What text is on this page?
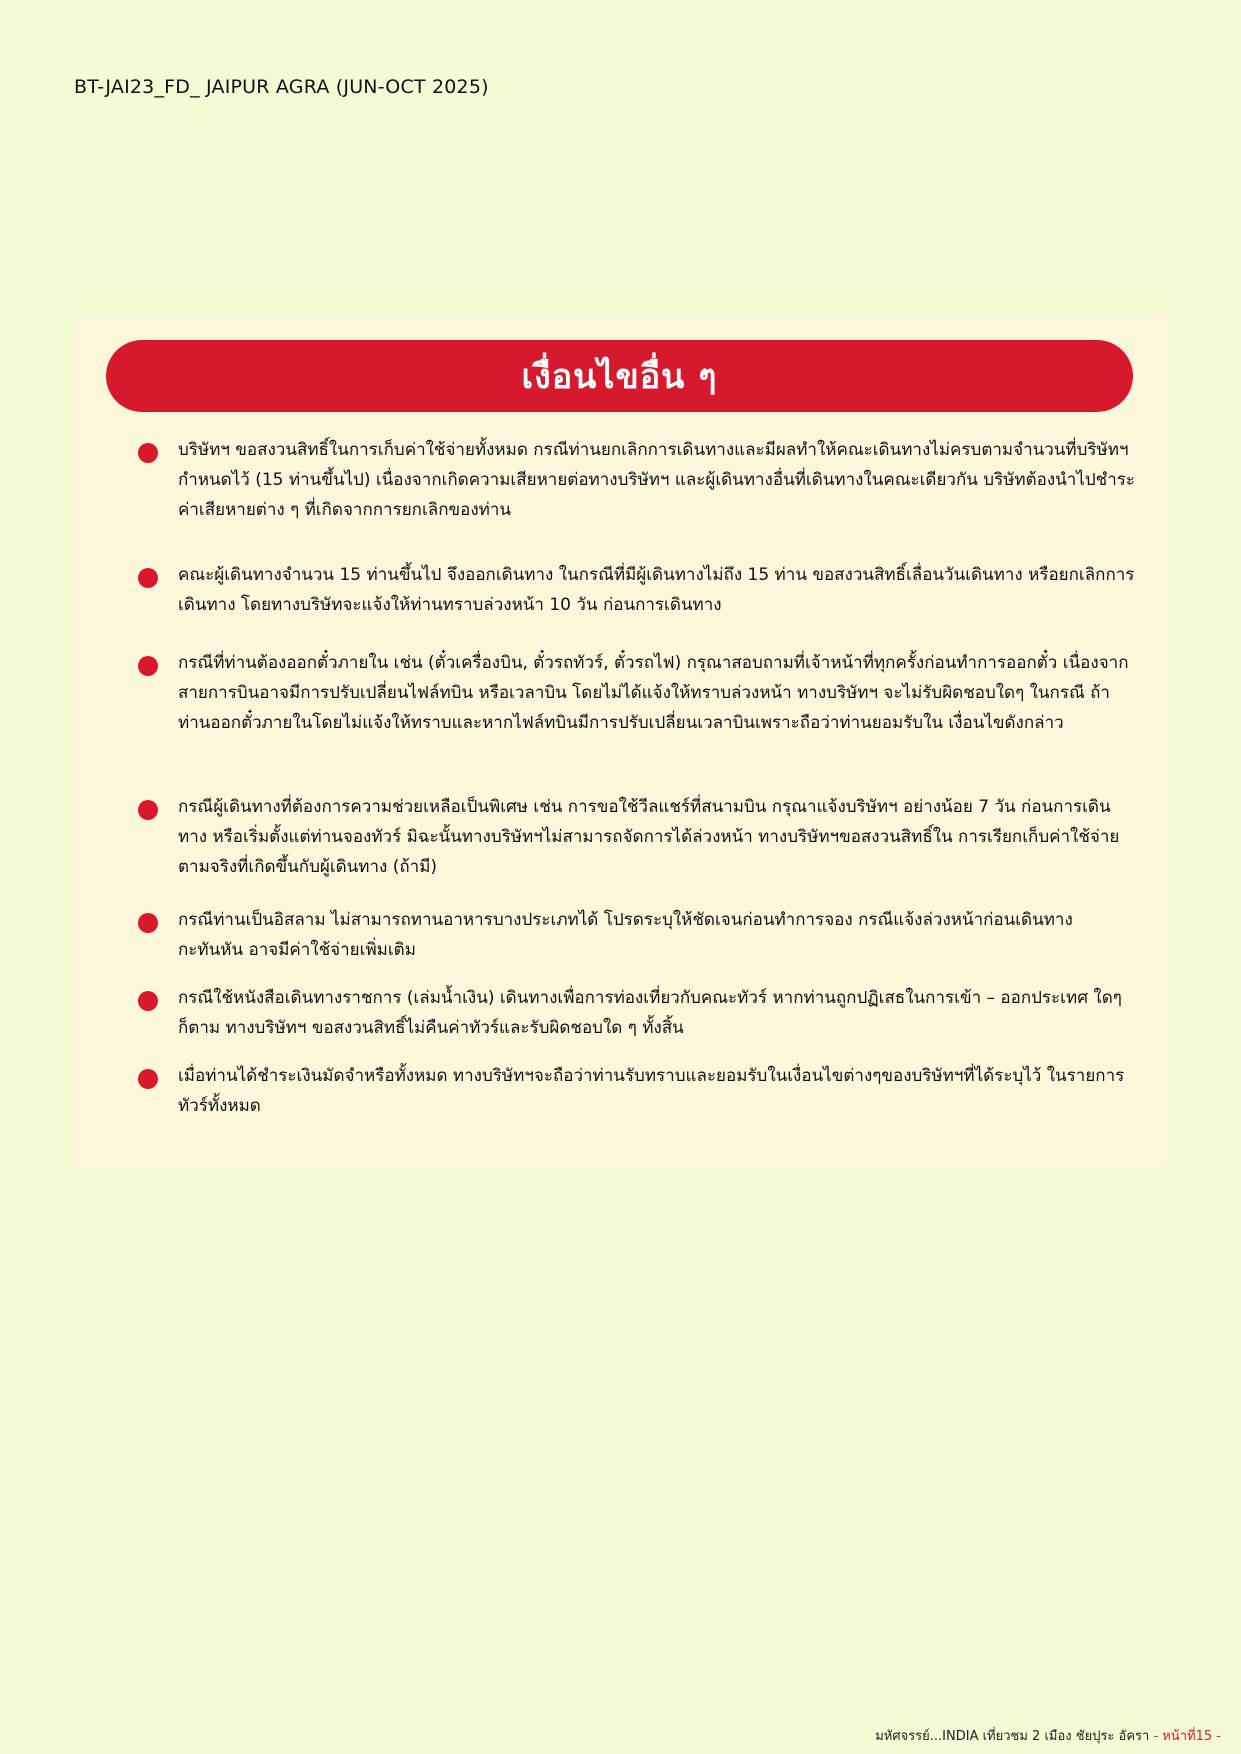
BT-JAI23_FD_ JAIPUR AGRA (JUN-OCT 2025)
เงื่อนไขอื่น ๆ
บริษัทฯ ขอสงวนสิทธิ์ในการเก็บค่าใช้จ่ายทั้งหมด กรณีท่านยกเลิกการเดินทางและมีผลทำให้คณะเดินทางไม่ครบตามจำนวนที่บริษัทฯ กำหนดไว้ (15 ท่านขึ้นไป) เนื่องจากเกิดความเสียหายต่อทางบริษัทฯ และผู้เดินทางอื่นที่เดินทางในคณะเดียวกัน บริษัทต้องนำไปชำระค่าเสียหายต่าง ๆ ที่เกิดจากการยกเลิกของท่าน
คณะผู้เดินทางจำนวน 15 ท่านขึ้นไป จึงออกเดินทาง ในกรณีที่มีผู้เดินทางไม่ถึง 15 ท่าน ขอสงวนสิทธิ์เลื่อนวันเดินทาง หรือยกเลิกการเดินทาง โดยทางบริษัทจะแจ้งให้ท่านทราบล่วงหน้า 10 วัน ก่อนการเดินทาง
กรณีที่ท่านต้องออกตั๋วภายใน เช่น (ตั๋วเครื่องบิน, ตั๋วรถทัวร์, ตั๋วรถไฟ) กรุณาสอบถามที่เจ้าหน้าที่ทุกครั้งก่อนทำการออกตั๋ว เนื่องจากสายการบินอาจมีการปรับเปลี่ยนไฟล์ทบิน หรือเวลาบิน โดยไม่ได้แจ้งให้ทราบล่วงหน้า ทางบริษัทฯ จะไม่รับผิดชอบใดๆ ในกรณี ถ้าท่านออกตั๋วภายในโดยไม่แจ้งให้ทราบและหากไฟล์ทบินมีการปรับเปลี่ยนเวลาบินเพราะถือว่าท่านยอมรับใน เงื่อนไขดังกล่าว
กรณีผู้เดินทางที่ต้องการความช่วยเหลือเป็นพิเศษ เช่น การขอใช้วีลแชร์ที่สนามบิน กรุณาแจ้งบริษัทฯ อย่างน้อย 7 วัน ก่อนการเดินทาง หรือเริ่มตั้งแต่ท่านจองทัวร์ มิฉะนั้นทางบริษัทฯไม่สามารถจัดการได้ล่วงหน้า ทางบริษัทฯขอสงวนสิทธิ์ใน การเรียกเก็บค่าใช้จ่ายตามจริงที่เกิดขึ้นกับผู้เดินทาง (ถ้ามี)
กรณีท่านเป็นอิสลาม ไม่สามารถทานอาหารบางประเภทได้ โปรดระบุให้ชัดเจนก่อนทำการจอง กรณีแจ้งล่วงหน้าก่อนเดินทาง กะทันหัน อาจมีค่าใช้จ่ายเพิ่มเติม
กรณีใช้หนังสือเดินทางราชการ (เล่มน้ำเงิน) เดินทางเพื่อการท่องเที่ยวกับคณะทัวร์ หากท่านถูกปฏิเสธในการเข้า – ออกประเทศ ใดๆ ก็ตาม ทางบริษัทฯ ขอสงวนสิทธิ์ไม่คืนค่าทัวร์และรับผิดชอบใด ๆ ทั้งสิ้น
เมื่อท่านได้ชำระเงินมัดจำหรือทั้งหมด ทางบริษัทฯจะถือว่าท่านรับทราบและยอมรับในเงื่อนไขต่างๆของบริษัทฯที่ได้ระบุไว้ ในรายการทัวร์ทั้งหมด
มหัศจรรย์...INDIA เที่ยวชม 2 เมือง ชัยปุระ อัครา - หน้าที่15 -
